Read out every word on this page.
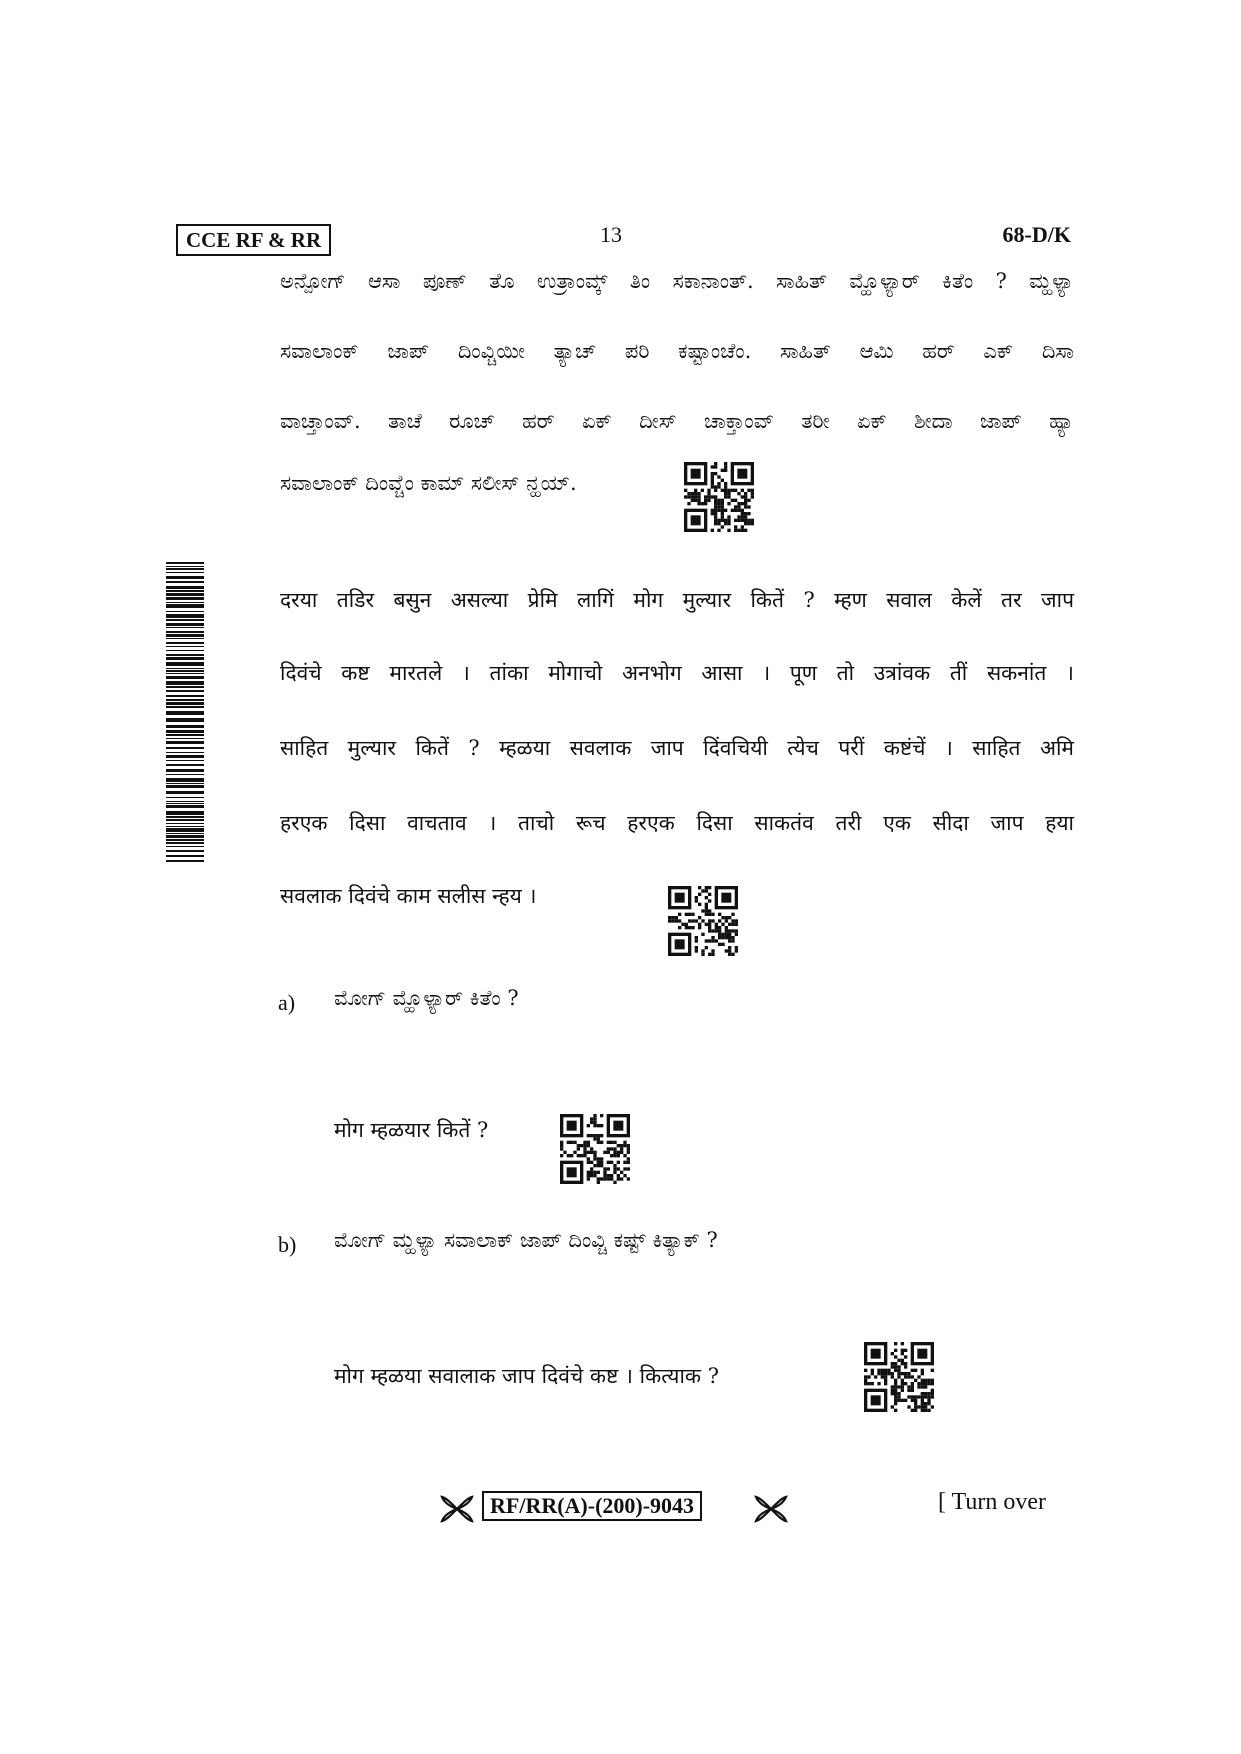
CCE RF & RR	13	68-D/K
ಅನ್ಪೋಗ್ ಆಸಾ ಪೂಣ್ ತೊ ಉತ್ರಾಂವ್ಕ್ ತಿಂ ಸಕಾನಾಂತ್. ಸಾಹಿತ್ ಮ್ಹೊಳ್ಯಾರ್ ಕಿತೆಂ ? ಮ್ಹಳ್ಯಾ
ಸವಾಲಾಂಕ್ ಜಾಪ್ ದಿಂವ್ಚಿಯೀ ತ್ಯಾಚ್ ಪರಿ ಕಷ್ಟಾಂಚೆಂ. ಸಾಹಿತ್ ಆಮಿ ಹರ್ ಎಕ್ ದಿಸಾ
ವಾಚ್ತಾಂವ್. ತಾಚೆ ರೂಚ್ ಹರ್ ಏಕ್ ದೀಸ್ ಚಾಕ್ತಾಂವ್ ತರೀ ಏಕ್ ಶೀದಾ ಜಾಪ್ ಹ್ಯಾ
ಸವಾಲಾಂಕ್ ದಿಂವ್ಚೆಂ ಕಾಮ್ ಸಲೀಸ್ ನ್ಹಯ್.
दरया तडिर बसुन असल्या प्रेमि लागिं मोग मुल्यार कितें ? म्हण सवाल केलें तर जाप
दिवंचे कष्ट मारतले । तांका मोगाचो अनभोग आसा । पूण तो उत्रांवक तीं सकनांत ।
साहित मुल्यार कितें ? म्हळया सवलाक जाप दिंवचियी त्येच परीं कष्टंचें । साहित अमि
हरएक दिसा वाचताव । ताचो रूच हरएक दिसा साकतंव तरी एक सीदा जाप हया
सवलाक दिवंचे काम सलीस न्हय ।
a) ಮೋಗ್ ಮ್ಹೊಳ್ಯಾರ್ ಕಿತೆಂ ?
मोग म्हळयार कितें ?
b) ಮೋಗ್ ಮ್ಹಳ್ಯಾ ಸವಾಲಾಕ್ ಜಾಪ್ ದಿಂವ್ಚಿ ಕಷ್ಟ್ ಕಿತ್ಯಾಕ್ ?
मोग म्हळया सवालाक जाप दिवंचे कष्ट । कित्याक ?
RF/RR(A)-(200)-9043	[ Turn over
